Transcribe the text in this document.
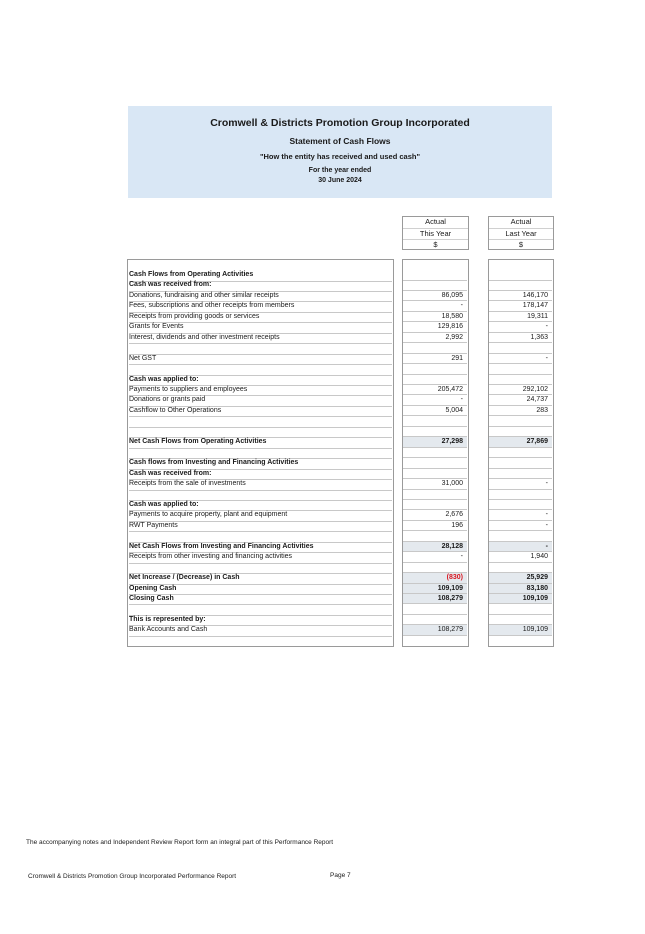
Cromwell & Districts Promotion Group Incorporated
Statement of Cash Flows
"How the entity has received and used cash"
For the year ended
30 June 2024
Actual
This Year
$
Actual
Last Year
$
Cash Flows from Operating Activities
Cash was received from:
Donations, fundraising and other similar receipts	86,095	146,170
Fees, subscriptions and other receipts from members	-	178,147
Receipts from providing goods or services	18,580	19,311
Grants for Events	129,816	-
Interest, dividends and other investment receipts	2,992	1,363
Net GST	291	-
Cash was applied to:
Payments to suppliers and employees	205,472	292,102
Donations or grants paid	-	24,737
Cashflow to Other Operations	5,004	283
Net Cash Flows from Operating Activities	27,298	27,869
Cash flows from Investing and Financing Activities
Cash was received from:
Receipts from the sale of investments	31,000	-
Cash was applied to:
Payments to acquire property, plant and equipment	2,676	-
RWT Payments	196	-
Net Cash Flows from Investing and Financing Activities	28,128	-
Receipts from other investing and financing activities	-	1,940
Net Increase / (Decrease) in Cash	(830)	25,929
Opening Cash	109,109	83,180
Closing Cash	108,279	109,109
This is represented by:
Bank Accounts and Cash	108,279	109,109
The accompanying notes and Independent Review Report form an integral part of this Performance Report
Cromwell & Districts Promotion Group Incorporated Performance Report	Page 7
